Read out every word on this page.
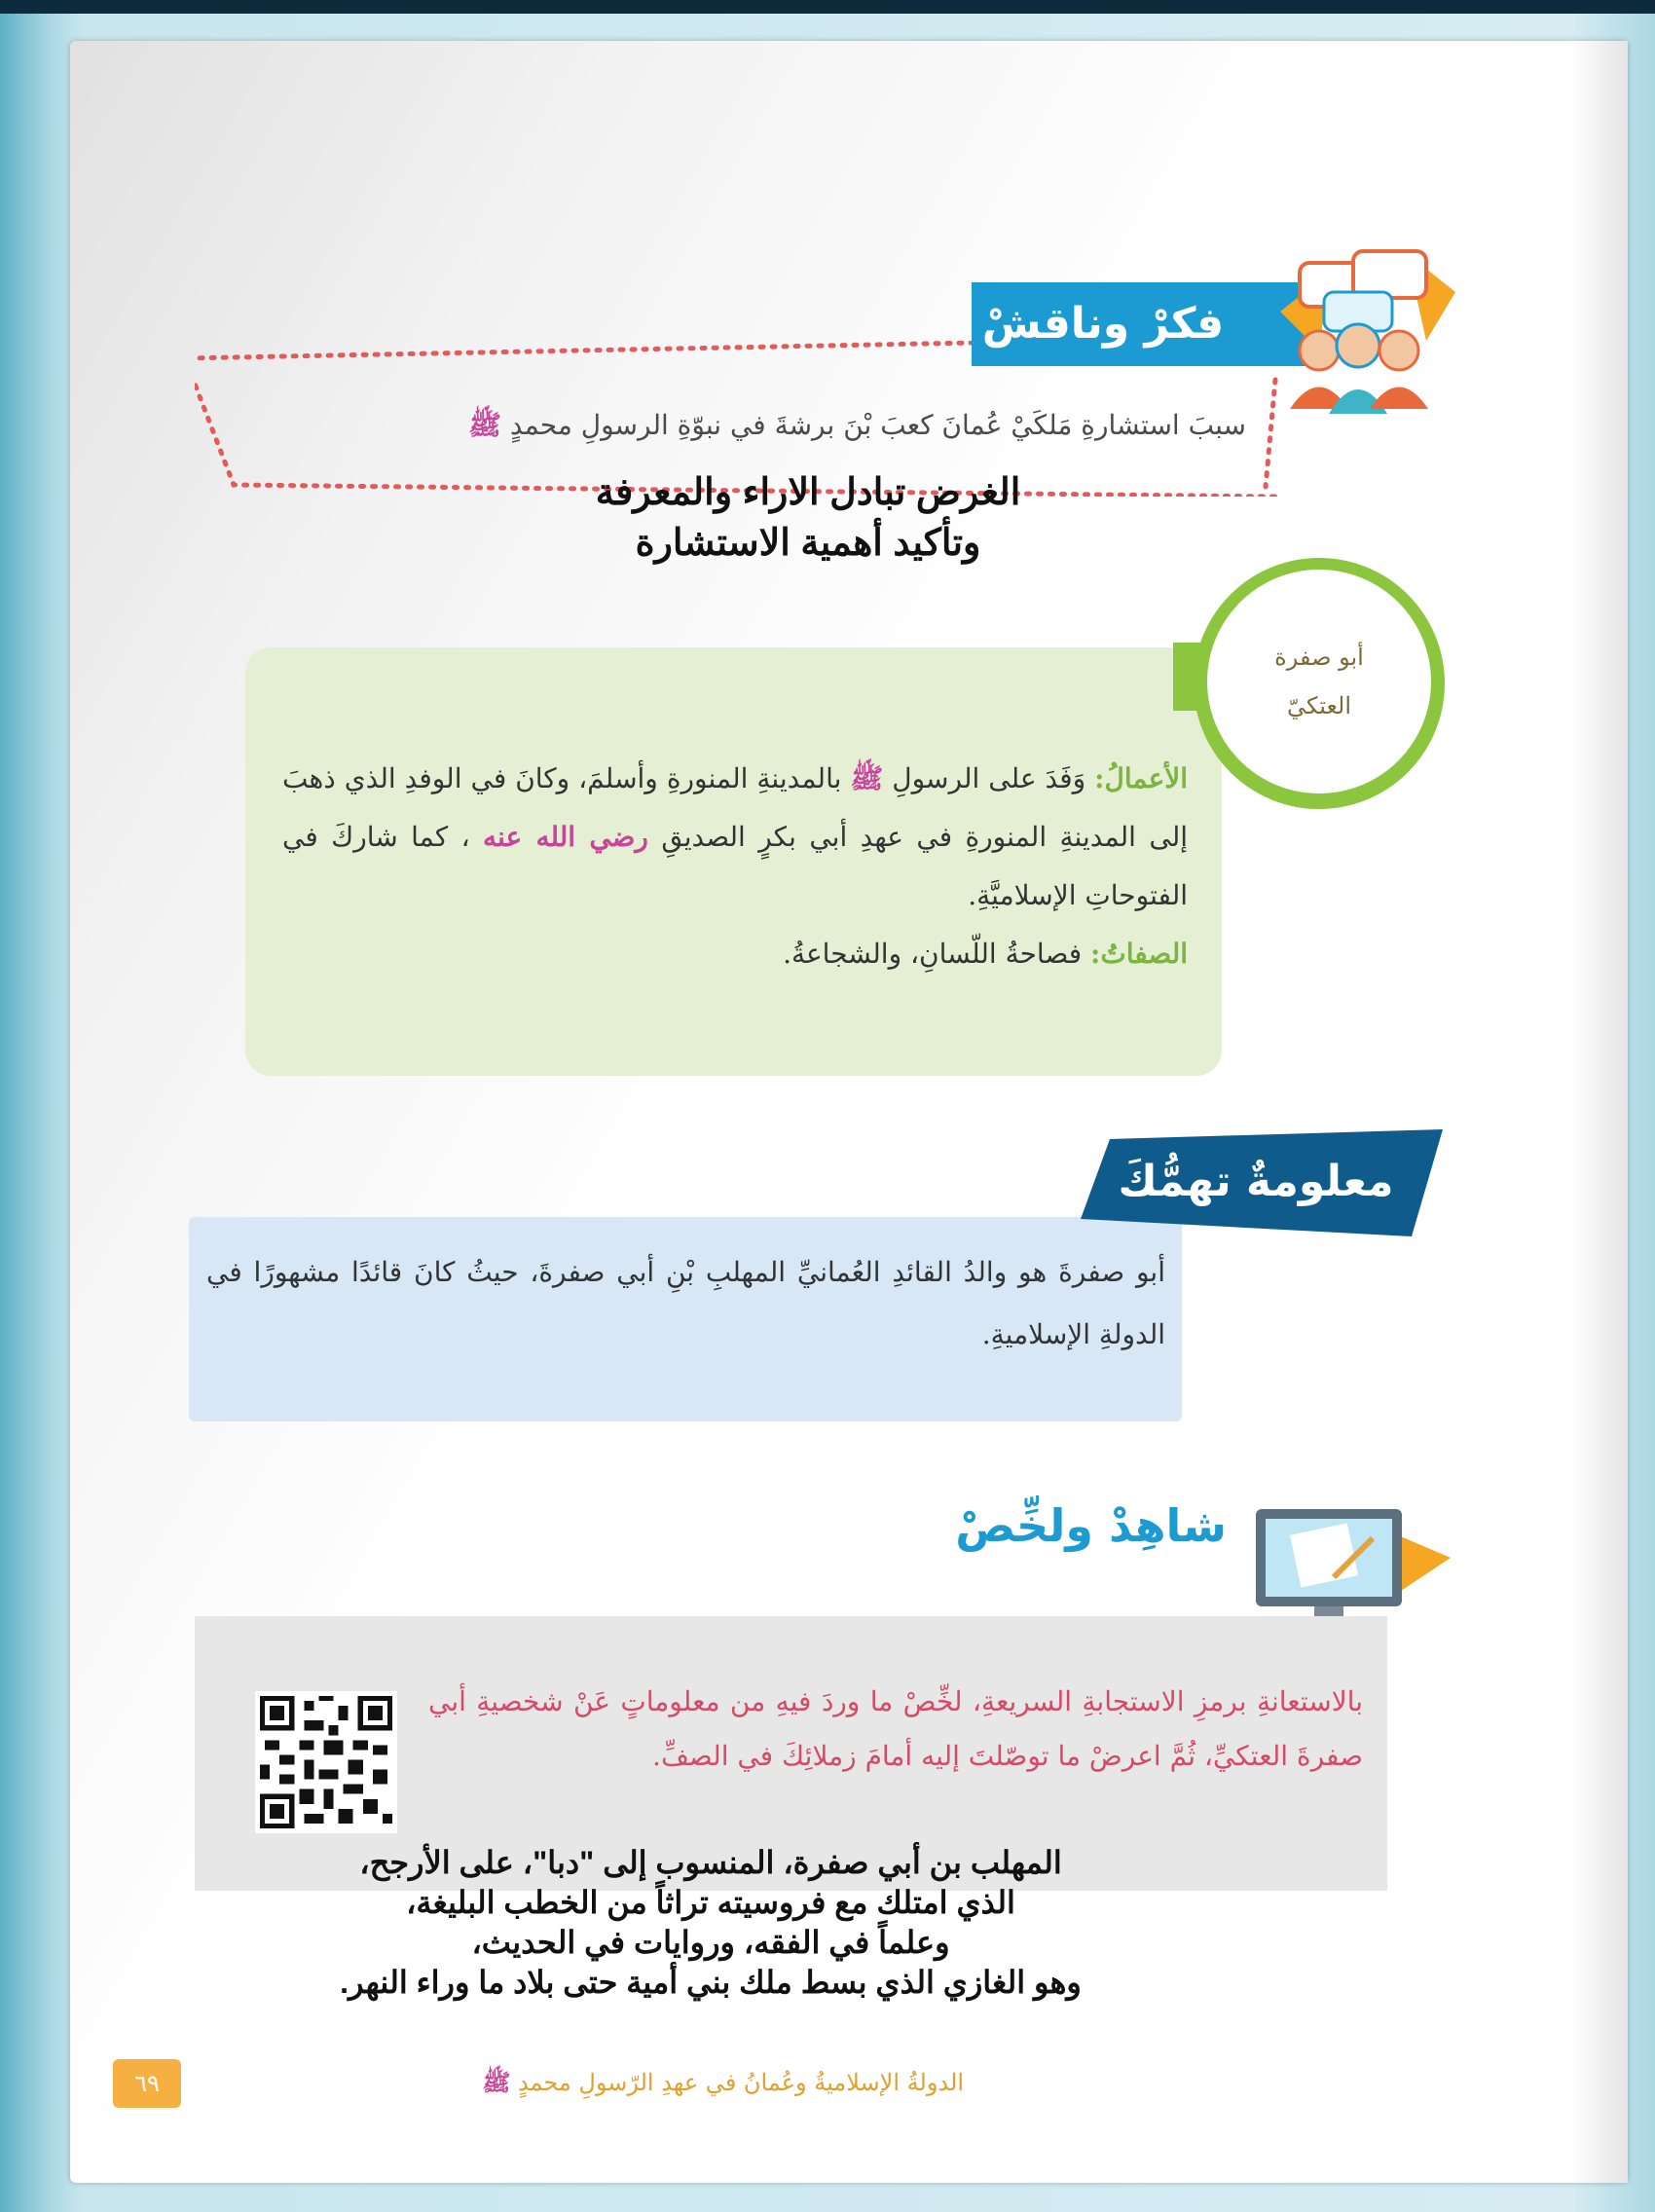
فكرْ وناقشْ
سببَ استشارةِ مَلكَيْ عُمانَ كعبَ بْنَ برشةَ في نبوّةِ الرسولِ محمدٍ ﷺ
الغرض تبادل الاراء والمعرفة
وتأكيد أهمية الاستشارة
أبو صفرة
العتكيّ
الأعمالُ: وَفَدَ على الرسولِ ﷺ بالمدينةِ المنورةِ وأسلمَ، وكانَ في الوفدِ الذي ذهبَ إلى المدينةِ المنورةِ في عهدِ أبي بكرٍ الصديقِ رضي الله عنه ، كما شاركَ في الفتوحاتِ الإسلاميَّةِ.
الصفاتُ: فصاحةُ اللّسانِ، والشجاعةُ.
معلومةٌ تهمُّكَ
أبو صفرةَ هو والدُ القائدِ العُمانيِّ المهلبِ بْنِ أبي صفرةَ، حيثُ كانَ قائدًا مشهورًا في الدولةِ الإسلاميةِ.
شاهِدْ ولخِّصْ
بالاستعانةِ برمزِ الاستجابةِ السريعةِ، لخِّصْ ما وردَ فيهِ من معلوماتٍ عَنْ شخصيةِ أبي صفرةَ العتكيِّ، ثُمَّ اعرضْ ما توصّلتَ إليه أمامَ زملائِكَ في الصفِّ.
المهلب بن أبي صفرة، المنسوب إلى "دبا"، على الأرجح،
الذي امتلك مع فروسيته تراثاً من الخطب البليغة،
وعلماً في الفقه، وروايات في الحديث،
وهو الغازي الذي بسط ملك بني أمية حتى بلاد ما وراء النهر.
٦٩	الدولةُ الإسلاميةُ وعُمانُ في عهدِ الرّسولِ محمدٍ ﷺ
